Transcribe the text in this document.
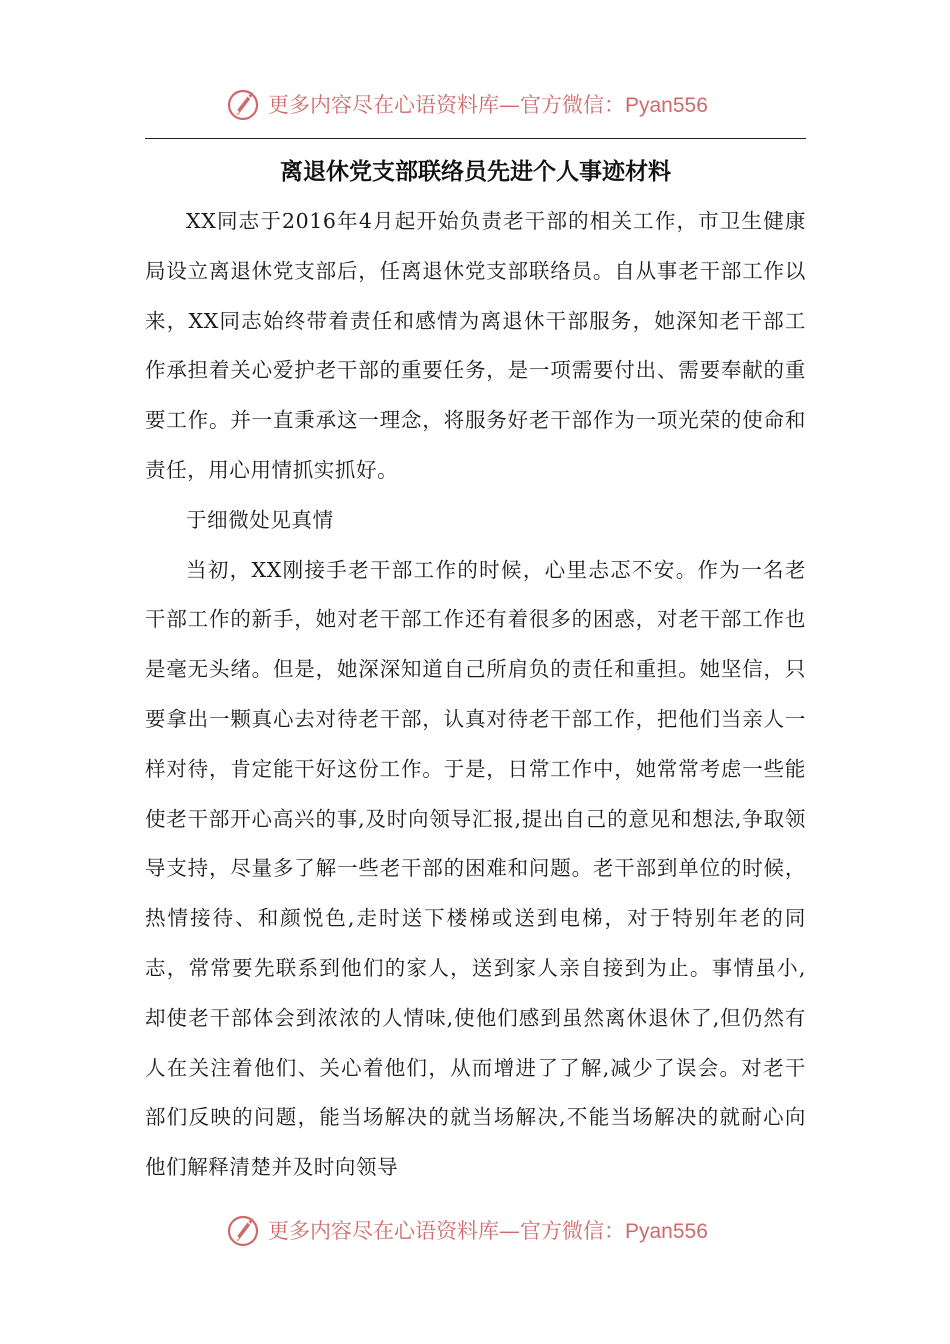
更多内容尽在心语资料库—官方微信：Pyan556
离退休党支部联络员先进个人事迹材料

XX同志于2016年4月起开始负责老干部的相关工作，市卫生健康局设立离退休党支部后，任离退休党支部联络员。自从事老干部工作以来，XX同志始终带着责任和感情为离退休干部服务，她深知老干部工作承担着关心爱护老干部的重要任务，是一项需要付出、需要奉献的重要工作。并一直秉承这一理念，将服务好老干部作为一项光荣的使命和责任，用心用情抓实抓好。

于细微处见真情

当初，XX刚接手老干部工作的时候，心里忐忑不安。作为一名老干部工作的新手，她对老干部工作还有着很多的困惑，对老干部工作也是毫无头绪。但是，她深深知道自己所肩负的责任和重担。她坚信，只要拿出一颗真心去对待老干部，认真对待老干部工作，把他们当亲人一样对待，肯定能干好这份工作。于是，日常工作中，她常常考虑一些能使老干部开心高兴的事,及时向领导汇报,提出自己的意见和想法,争取领导支持，尽量多了解一些老干部的困难和问题。老干部到单位的时候，热情接待、和颜悦色,走时送下楼梯或送到电梯，对于特别年老的同志，常常要先联系到他们的家人，送到家人亲自接到为止。事情虽小,却使老干部体会到浓浓的人情味,使他们感到虽然离休退休了,但仍然有人在关注着他们、关心着他们，从而增进了了解,减少了误会。对老干部们反映的问题，能当场解决的就当场解决,不能当场解决的就耐心向他们解释清楚并及时向领导

更多内容尽在心语资料库—官方微信：Pyan556
